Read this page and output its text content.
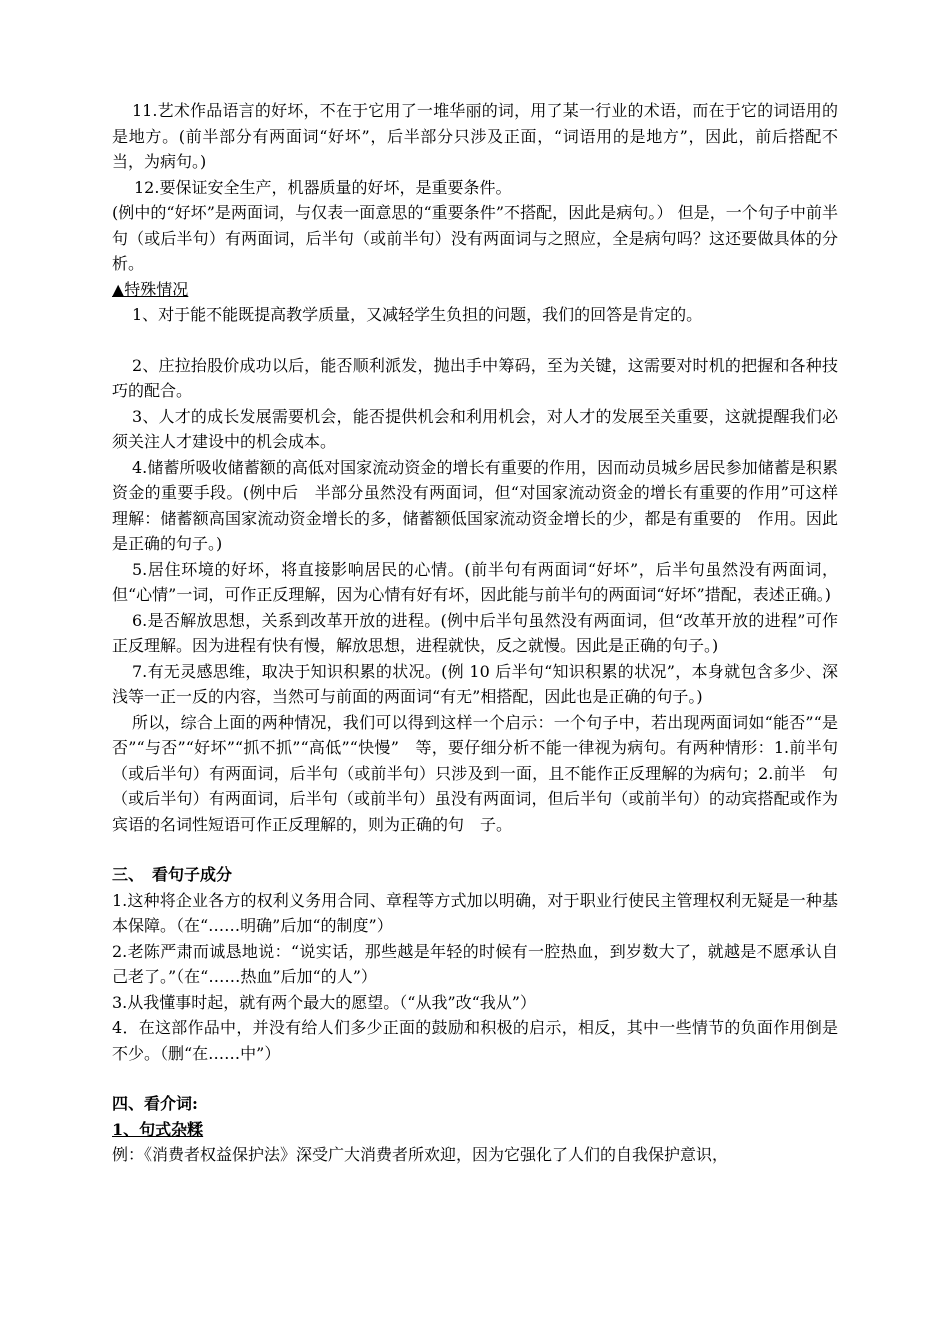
11.艺术作品语言的好坏，不在于它用了一堆华丽的词，用了某一行业的术语，而在于它的词语用的是地方。(前半部分有两面词“好坏”，后半部分只涉及正面，“词语用的是地方”，因此，前后搭配不当，为病句。)

12.要保证安全生产，机器质量的好坏，是重要条件。

(例中的“好坏”是两面词，与仅表一面意思的“重要条件”不搭配，因此是病句。） 但是，一个句子中前半句（或后半句）有两面词，后半句（或前半句）没有两面词与之照应，全是病句吗？这还要做具体的分析。

▲特殊情况

1、对于能不能既提高教学质量，又减轻学生负担的问题，我们的回答是肯定的。

2、庄拉抬股价成功以后，能否顺利派发，抛出手中筹码，至为关键，这需要对时机的把握和各种技巧的配合。

3、人才的成长发展需要机会，能否提供机会和利用机会，对人才的发展至关重要，这就提醒我们必须关注人才建设中的机会成本。

4.储蓄所吸收储蓄额的高低对国家流动资金的增长有重要的作用，因而动员城乡居民参加储蓄是积累资金的重要手段。(例中后　半部分虽然没有两面词，但“对国家流动资金的增长有重要的作用”可这样理解：储蓄额高国家流动资金增长的多，储蓄额低国家流动资金增长的少，都是有重要的　作用。因此是正确的句子。)

5.居住环境的好坏，将直接影响居民的心情。(前半句有两面词“好坏”，后半句虽然没有两面词，但“心情”一词，可作正反理解，因为心情有好有坏，因此能与前半句的两面词“好坏”措配，表述正确。)

6.是否解放思想，关系到改革开放的进程。(例中后半句虽然没有两面词，但“改革开放的进程”可作正反理解。因为进程有快有慢，解放思想，进程就快，反之就慢。因此是正确的句子。)

7.有无灵感思维，取决于知识积累的状况。(例 10 后半句“知识积累的状况”，本身就包含多少、深浅等一正一反的内容，当然可与前面的两面词“有无”相搭配，因此也是正确的句子。)

所以，综合上面的两种情况，我们可以得到这样一个启示：一个句子中，若出现两面词如“能否”“是否”“与否”“好坏”“抓不抓”“高低”“快慢”　等，要仔细分析不能一律视为病句。有两种情形：1.前半句（或后半句）有两面词，后半句（或前半句）只涉及到一面，且不能作正反理解的为病句；2.前半　句（或后半句）有两面词，后半句（或前半句）虽没有两面词，但后半句（或前半句）的动宾搭配或作为宾语的名词性短语可作正反理解的，则为正确的句　子。

三、　看句子成分

1.这种将企业各方的权利义务用合同、章程等方式加以明确，对于职业行使民主管理权利无疑是一种基本保障。（在“……明确”后加“的制度”）

2.老陈严肃而诚恳地说：“说实话，那些越是年轻的时候有一腔热血，到岁数大了，就越是不愿承认自己老了。”（在“……热血”后加“的人”）

3.从我懂事时起，就有两个最大的愿望。（“从我”改“我从”）

4．在这部作品中，并没有给人们多少正面的鼓励和积极的启示，相反，其中一些情节的负面作用倒是不少。（删“在……中”）

四、看介词:

1、句式杂糅

例：《消费者权益保护法》深受广大消费者所欢迎，因为它强化了人们的自我保护意识，
